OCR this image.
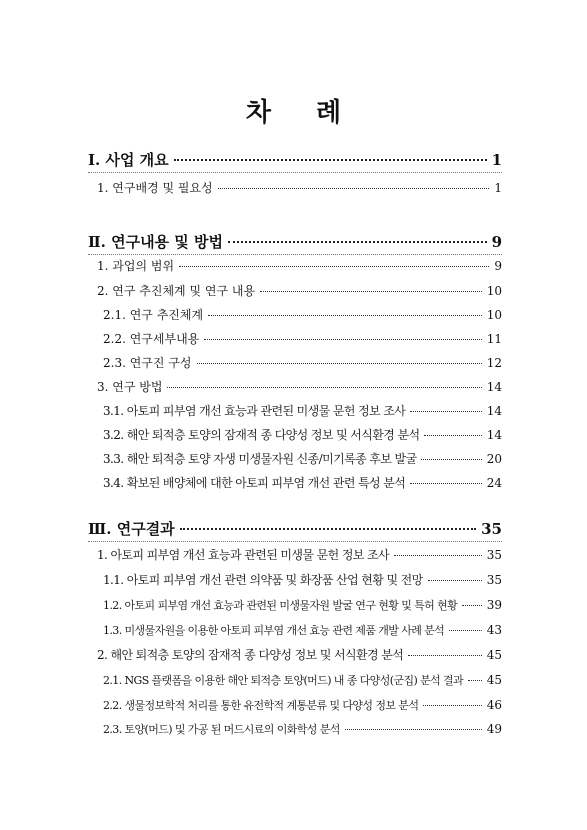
차 례
Ⅰ. 사업 개요	1
1. 연구배경 및 필요성	1
Ⅱ. 연구내용 및 방법	9
1. 과업의 범위	9
2. 연구 추진체계 및 연구 내용	10
2.1. 연구 추진체계	10
2.2. 연구세부내용	11
2.3. 연구진 구성	12
3. 연구 방법	14
3.1. 아토피 피부염 개선 효능과 관련된 미생물 문헌 정보 조사	14
3.2. 해안 퇴적층 토양의 잠재적 종 다양성 정보 및 서식환경 분석	14
3.3. 해안 퇴적층 토양 자생 미생물자원 신종/미기록종 후보 발굴	20
3.4. 확보된 배양체에 대한 아토피 피부염 개선 관련 특성 분석	24
Ⅲ. 연구결과	35
1. 아토피 피부염 개선 효능과 관련된 미생물 문헌 정보 조사	35
1.1. 아토피 피부염 개선 관련 의약품 및 화장품 산업 현황 및 전망	35
1.2. 아토피 피부염 개선 효능과 관련된 미생물자원 발굴 연구 현황 및 특허 현황 39
1.3. 미생물자원을 이용한 아토피 피부염 개선 효능 관련 제품 개발 사례 분석	43
2. 해안 퇴적층 토양의 잠재적 종 다양성 정보 및 서식환경 분석	45
2.1. NGS 플랫폼을 이용한 해안 퇴적층 토양(머드) 내 종 다양성(군집) 분석 결과 45
2.2. 생물정보학적 처리를 통한 유전학적 계통분류 및 다양성 정보 분석	46
2.3. 토양(머드) 및 가공 된 머드시료의 이화학성 분석	49
